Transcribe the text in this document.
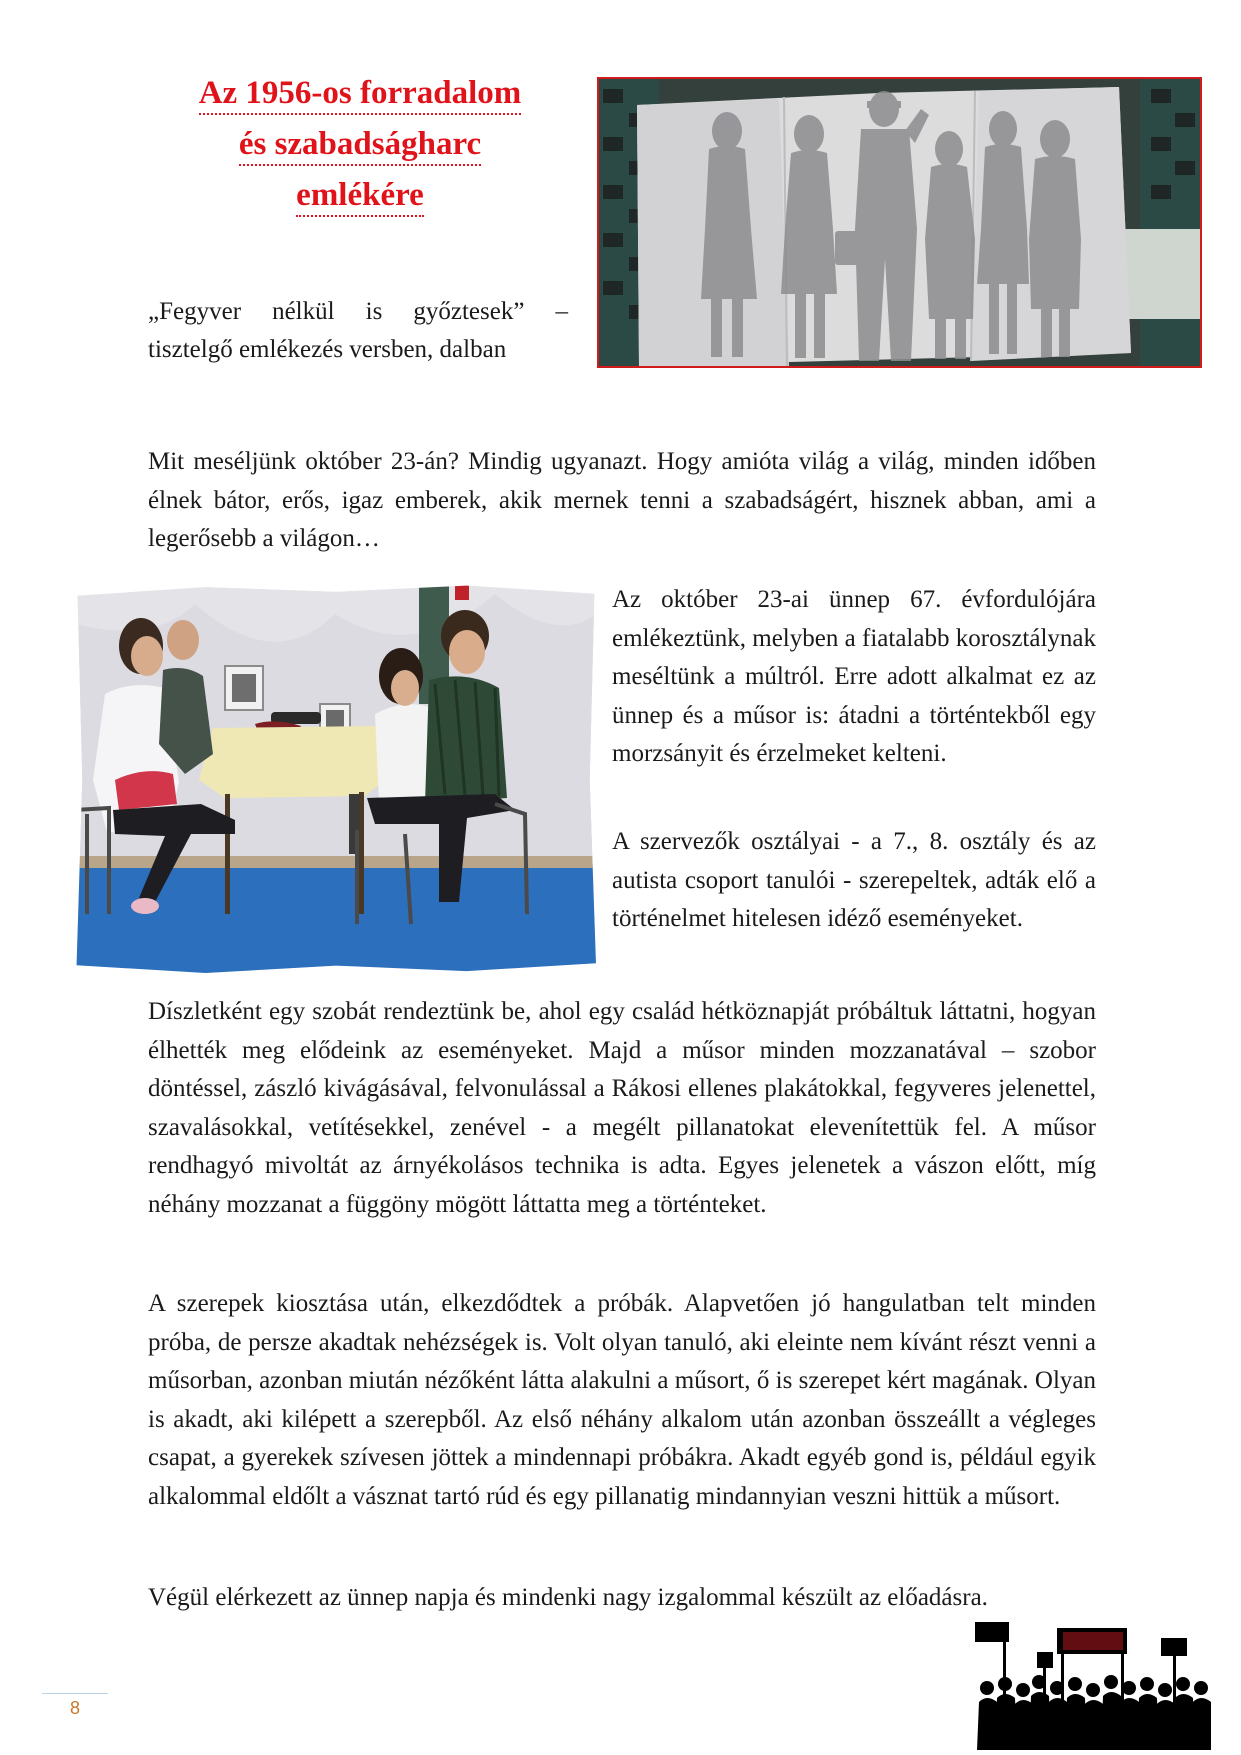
Az 1956-os forradalom
és szabadságharc
emlékére
„Fegyver nélkül is győztesek” –
tisztelgő emlékezés versben, dalban

Mit meséljünk október 23-án? Mindig ugyanazt. Hogy amióta világ a világ, minden időben élnek bátor, erős, igaz emberek, akik mernek tenni a szabadságért, hisznek abban, ami a legerősebb a világon…

Az október 23-ai ünnep 67. évfordulójára emlékeztünk, melyben a fiatalabb korosztálynak meséltünk a múltról. Erre adott alkalmat ez az ünnep és a műsor is: átadni a történtekből egy morzsányit és érzelmeket kelteni.

A szervezők osztályai - a 7., 8. osztály és az autista csoport tanulói - szerepeltek, adták elő a történelmet hitelesen idéző eseményeket.

Díszletként egy szobát rendeztünk be, ahol egy család hétköznapját próbáltuk láttatni, hogyan élhették meg elődeink az eseményeket. Majd a műsor minden mozzanatával – szobor döntéssel, zászló kivágásával, felvonulással a Rákosi ellenes plakátokkal, fegyveres jelenettel, szavalásokkal, vetítésekkel, zenével - a megélt pillanatokat elevenítettük fel. A műsor rendhagyó mivoltát az árnyékolásos technika is adta. Egyes jelenetek a vászon előtt, míg néhány mozzanat a függöny mögött láttatta meg a történteket.

A szerepek kiosztása után, elkezdődtek a próbák. Alapvetően jó hangulatban telt minden próba, de persze akadtak nehézségek is. Volt olyan tanuló, aki eleinte nem kívánt részt venni a műsorban, azonban miután nézőként látta alakulni a műsort, ő is szerepet kért magának. Olyan is akadt, aki kilépett a szerepből. Az első néhány alkalom után azonban összeállt a végleges csapat, a gyerekek szívesen jöttek a mindennapi próbákra. Akadt egyéb gond is, például egyik alkalommal eldőlt a vásznat tartó rúd és egy pillanatig mindannyian veszni hittük a műsort.

Végül elérkezett az ünnep napja és mindenki nagy izgalommal készült az előadásra.

8
